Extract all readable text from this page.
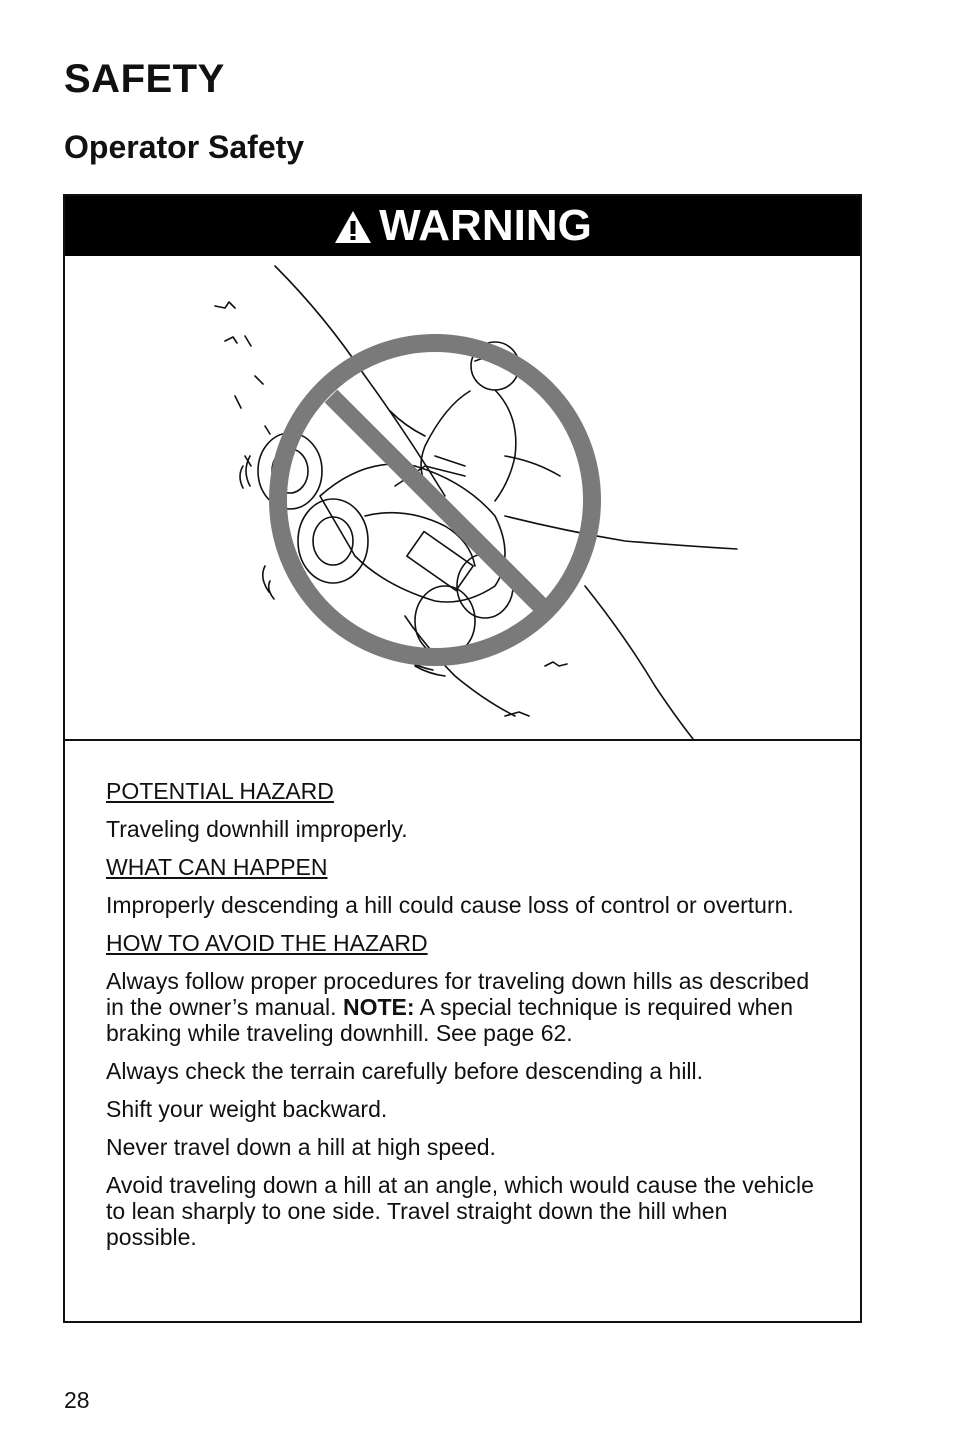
SAFETY
Operator Safety
WARNING

POTENTIAL HAZARD

Traveling downhill improperly.

WHAT CAN HAPPEN

Improperly descending a hill could cause loss of control or overturn.

HOW TO AVOID THE HAZARD

Always follow proper procedures for traveling down hills as described in the owner’s manual. NOTE: A special technique is required when braking while traveling downhill. See page 62.

Always check the terrain carefully before descending a hill.

Shift your weight backward.

Never travel down a hill at high speed.

Avoid traveling down a hill at an angle, which would cause the vehicle to lean sharply to one side. Travel straight down the hill when possible.

28
